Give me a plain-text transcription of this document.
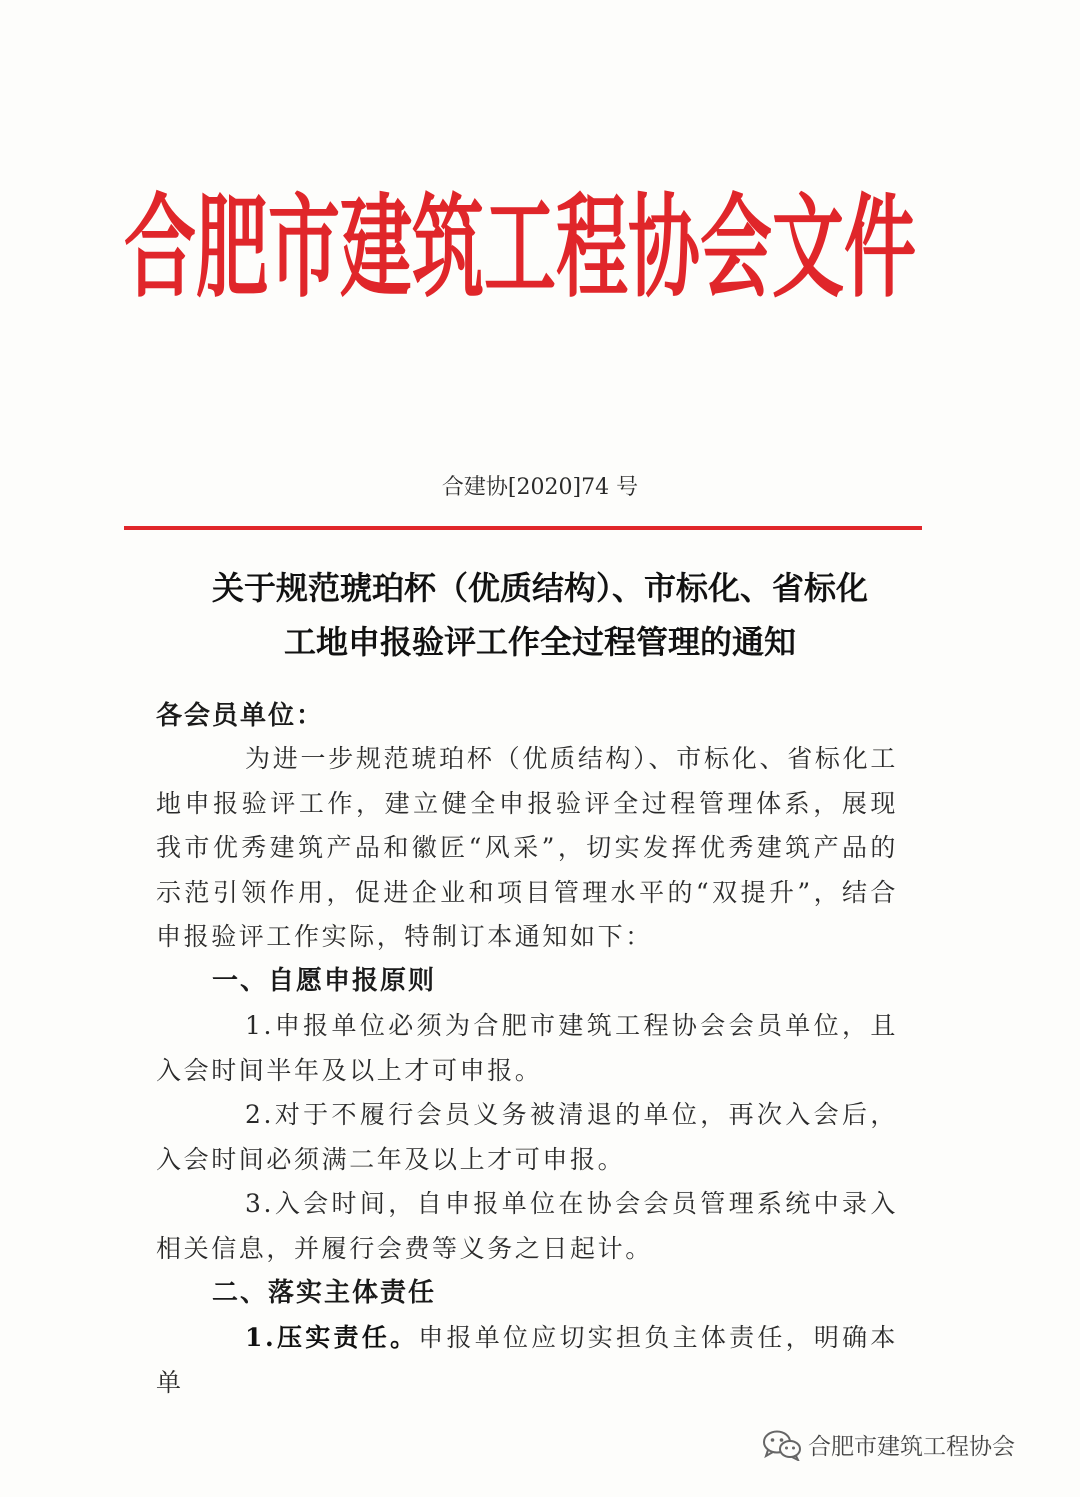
合肥市建筑工程协会文件
合建协[2020]74 号
关于规范琥珀杯（优质结构）、市标化、省标化
工地申报验评工作全过程管理的通知
各会员单位：
为进一步规范琥珀杯（优质结构）、市标化、省标化工地申报验评工作，建立健全申报验评全过程管理体系，展现我市优秀建筑产品和徽匠“风采”，切实发挥优秀建筑产品的示范引领作用，促进企业和项目管理水平的“双提升”，结合申报验评工作实际，特制订本通知如下：
一、自愿申报原则
1.申报单位必须为合肥市建筑工程协会会员单位，且入会时间半年及以上才可申报。
2.对于不履行会员义务被清退的单位，再次入会后，入会时间必须满二年及以上才可申报。
3.入会时间，自申报单位在协会会员管理系统中录入相关信息，并履行会费等义务之日起计。
二、落实主体责任
1.压实责任。申报单位应切实担负主体责任，明确本单
合肥市建筑工程协会
